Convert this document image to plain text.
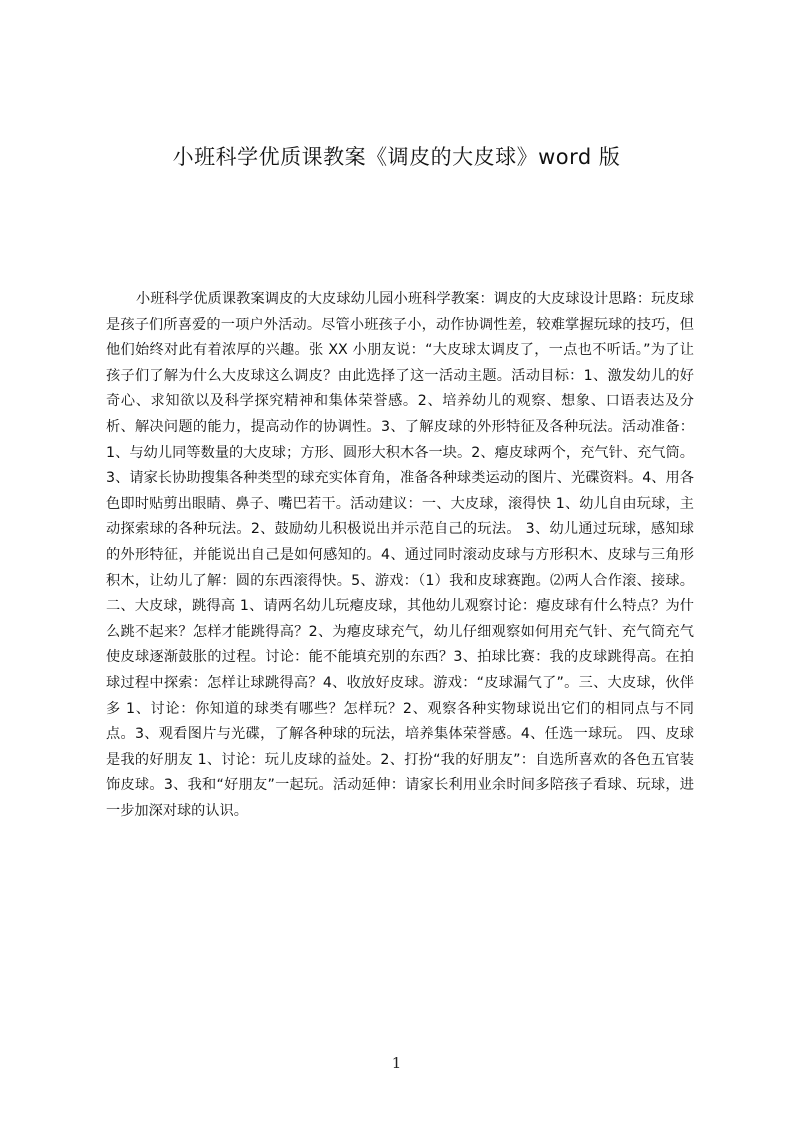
小班科学优质课教案《调皮的大皮球》word 版

小班科学优质课教案调皮的大皮球幼儿园小班科学教案：调皮的大皮球设计思路：玩皮球是孩子们所喜爱的一项户外活动。尽管小班孩子小，动作协调性差，较难掌握玩球的技巧，但他们始终对此有着浓厚的兴趣。张 XX 小朋友说：“大皮球太调皮了，一点也不听话。”为了让孩子们了解为什么大皮球这么调皮？由此选择了这一活动主题。活动目标：1、激发幼儿的好奇心、求知欲以及科学探究精神和集体荣誉感。2、培养幼儿的观察、想象、口语表达及分析、解决问题的能力，提高动作的协调性。3、了解皮球的外形特征及各种玩法。活动准备：1、与幼儿同等数量的大皮球；方形、圆形大积木各一块。2、瘪皮球两个，充气针、充气筒。 3、请家长协助搜集各种类型的球充实体育角，准备各种球类运动的图片、光碟资料。4、用各色即时贴剪出眼睛、鼻子、嘴巴若干。活动建议：一、大皮球，滚得快 1、幼儿自由玩球，主动探索球的各种玩法。2、鼓励幼儿积极说出并示范自己的玩法。 3、幼儿通过玩球，感知球的外形特征，并能说出自己是如何感知的。4、通过同时滚动皮球与方形积木、皮球与三角形积木，让幼儿了解：圆的东西滚得快。5、游戏：（1）我和皮球赛跑。⑵两人合作滚、接球。二、大皮球，跳得高 1、请两名幼儿玩瘪皮球，其他幼儿观察讨论：瘪皮球有什么特点？为什么跳不起来？怎样才能跳得高？2、为瘪皮球充气，幼儿仔细观察如何用充气针、充气筒充气使皮球逐渐鼓胀的过程。讨论：能不能填充别的东西？3、拍球比赛：我的皮球跳得高。在拍球过程中探索：怎样让球跳得高？4、收放好皮球。游戏：“皮球漏气了”。三、大皮球，伙伴多 1、讨论：你知道的球类有哪些？怎样玩？2、观察各种实物球说出它们的相同点与不同点。3、观看图片与光碟，了解各种球的玩法，培养集体荣誉感。4、任选一球玩。 四、皮球是我的好朋友 1、讨论：玩儿皮球的益处。2、打扮“我的好朋友”：自选所喜欢的各色五官装饰皮球。3、我和“好朋友”一起玩。活动延伸：请家长利用业余时间多陪孩子看球、玩球，进一步加深对球的认识。

1
